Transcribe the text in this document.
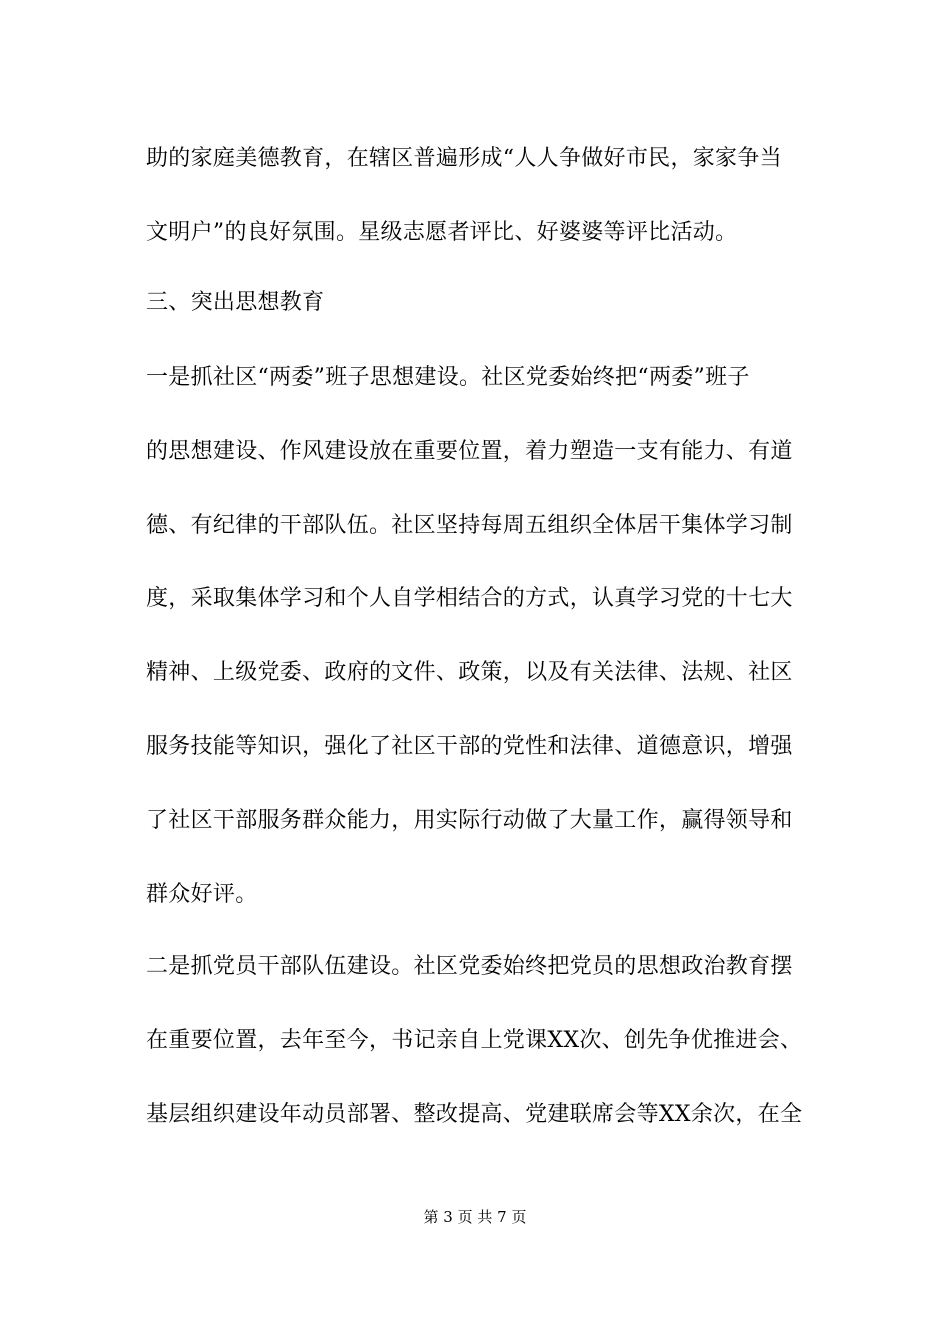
助的家庭美德教育，在辖区普遍形成“人人争做好市民，家家争当
文明户”的良好氛围。星级志愿者评比、好婆婆等评比活动。
三、突出思想教育
一是抓社区“两委”班子思想建设。社区党委始终把“两委”班子
的思想建设、作风建设放在重要位置，着力塑造一支有能力、有道
德、有纪律的干部队伍。社区坚持每周五组织全体居干集体学习制
度，采取集体学习和个人自学相结合的方式，认真学习党的十七大
精神、上级党委、政府的文件、政策，以及有关法律、法规、社区
服务技能等知识，强化了社区干部的党性和法律、道德意识，增强
了社区干部服务群众能力，用实际行动做了大量工作，赢得领导和
群众好评。
二是抓党员干部队伍建设。社区党委始终把党员的思想政治教育摆
在重要位置，去年至今，书记亲自上党课XX次、创先争优推进会、
基层组织建设年动员部署、整改提高、党建联席会等XX余次，在全
第 3 页 共 7 页
